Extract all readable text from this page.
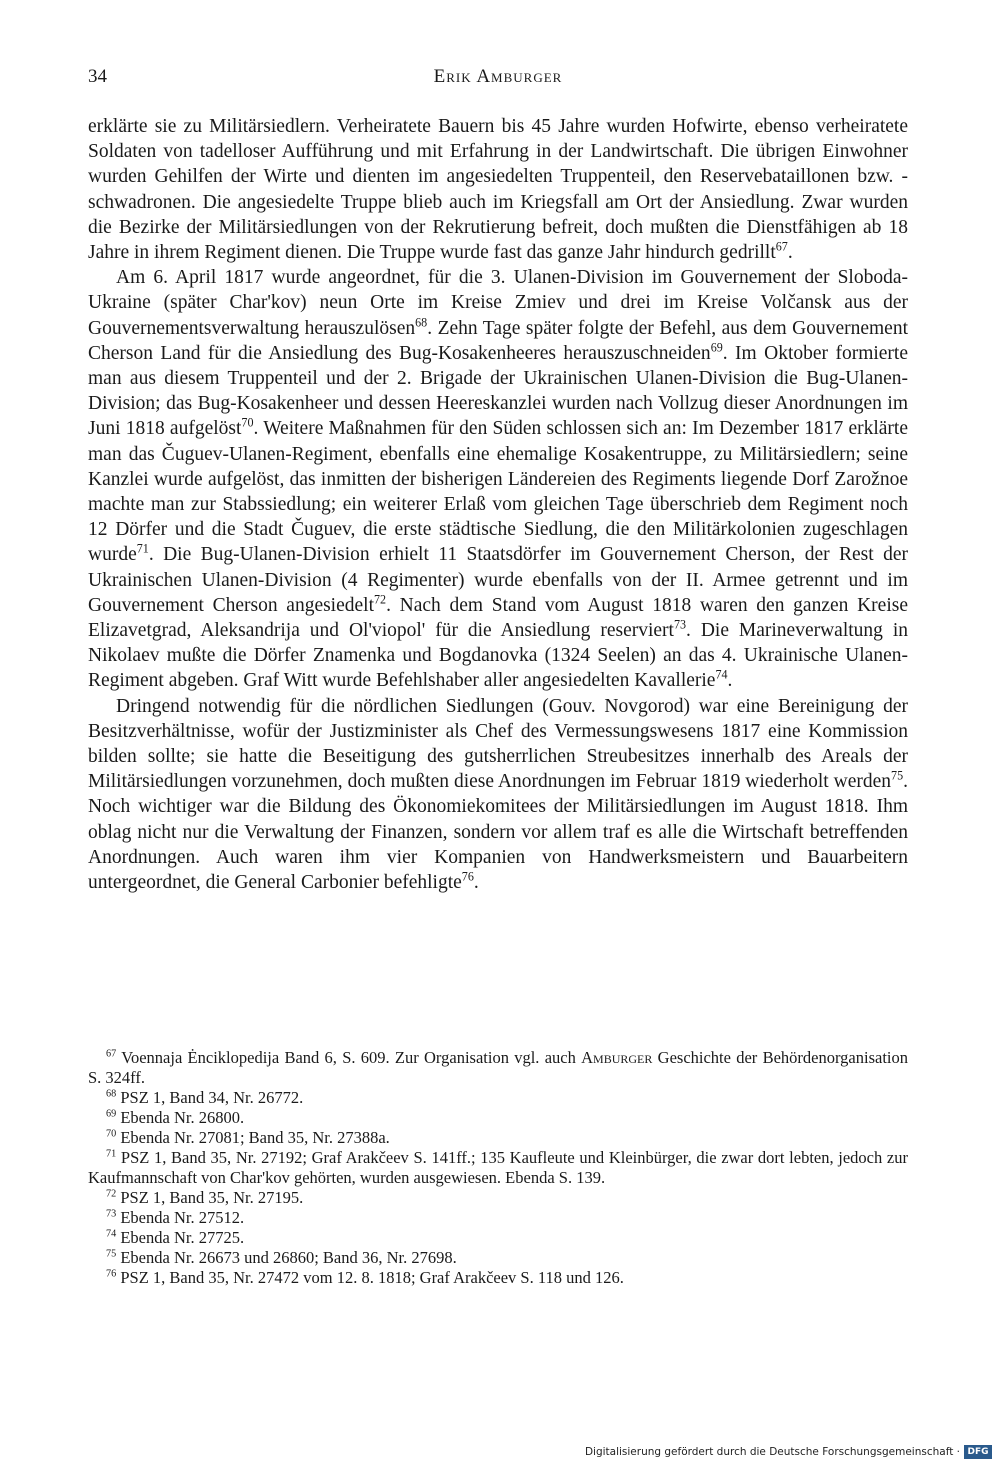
34	Erik Amburger

erklärte sie zu Militärsiedlern. Verheiratete Bauern bis 45 Jahre wurden Hofwirte, ebenso verheiratete Soldaten von tadelloser Aufführung und mit Erfahrung in der Landwirtschaft. Die übrigen Einwohner wurden Gehilfen der Wirte und dienten im angesiedelten Truppenteil, den Reservebataillonen bzw. -schwadronen. Die angesiedelte Truppe blieb auch im Kriegsfall am Ort der Ansiedlung. Zwar wurden die Bezirke der Militärsiedlungen von der Rekrutierung befreit, doch mußten die Dienstfähigen ab 18 Jahre in ihrem Regiment dienen. Die Truppe wurde fast das ganze Jahr hindurch gedrillt$^{67}$.

Am 6. April 1817 wurde angeordnet, für die 3. Ulanen-Division im Gouvernement der Sloboda-Ukraine (später Char'kov) neun Orte im Kreise Zmiev und drei im Kreise Volčansk aus der Gouvernementsverwaltung herauszulösen$^{68}$. Zehn Tage später folgte der Befehl, aus dem Gouvernement Cherson Land für die Ansiedlung des Bug-Kosakenheeres herauszuschneiden$^{69}$. Im Oktober formierte man aus diesem Truppenteil und der 2. Brigade der Ukrainischen Ulanen-Division die Bug-Ulanen-Division; das Bug-Kosakenheer und dessen Heereskanzlei wurden nach Vollzug dieser Anordnungen im Juni 1818 aufgelöst$^{70}$. Weitere Maßnahmen für den Süden schlossen sich an: Im Dezember 1817 erklärte man das Čuguev-Ulanen-Regiment, ebenfalls eine ehemalige Kosakentruppe, zu Militärsiedlern; seine Kanzlei wurde aufgelöst, das inmitten der bisherigen Ländereien des Regiments liegende Dorf Zarožnoe machte man zur Stabssiedlung; ein weiterer Erlaß vom gleichen Tage überschrieb dem Regiment noch 12 Dörfer und die Stadt Čuguev, die erste städtische Siedlung, die den Militärkolonien zugeschlagen wurde$^{71}$. Die Bug-Ulanen-Division erhielt 11 Staatsdörfer im Gouvernement Cherson, der Rest der Ukrainischen Ulanen-Division (4 Regimenter) wurde ebenfalls von der II. Armee getrennt und im Gouvernement Cherson angesiedelt$^{72}$. Nach dem Stand vom August 1818 waren den ganzen Kreise Elizavetgrad, Aleksandrija und Ol'viopol' für die Ansiedlung reserviert$^{73}$. Die Marineverwaltung in Nikolaev mußte die Dörfer Znamenka und Bogdanovka (1324 Seelen) an das 4. Ukrainische Ulanen-Regiment abgeben. Graf Witt wurde Befehlshaber aller angesiedelten Kavallerie$^{74}$.

Dringend notwendig für die nördlichen Siedlungen (Gouv. Novgorod) war eine Bereinigung der Besitzverhältnisse, wofür der Justizminister als Chef des Vermessungswesens 1817 eine Kommission bilden sollte; sie hatte die Beseitigung des gutsherrlichen Streubesitzes innerhalb des Areals der Militärsiedlungen vorzunehmen, doch mußten diese Anordnungen im Februar 1819 wiederholt werden$^{75}$. Noch wichtiger war die Bildung des Ökonomiekomitees der Militärsiedlungen im August 1818. Ihm oblag nicht nur die Verwaltung der Finanzen, sondern vor allem traf es alle die Wirtschaft betreffenden Anordnungen. Auch waren ihm vier Kompanien von Handwerksmeistern und Bauarbeitern untergeordnet, die General Carbonier befehligte$^{76}$.

$^{67}$ Voennaja Ėnciklopedija Band 6, S. 609. Zur Organisation vgl. auch Amburger Geschichte der Behördenorganisation S. 324ff.

$^{68}$ PSZ 1, Band 34, Nr. 26772.

$^{69}$ Ebenda Nr. 26800.

$^{70}$ Ebenda Nr. 27081; Band 35, Nr. 27388a.

$^{71}$ PSZ 1, Band 35, Nr. 27192; Graf Arakčeev S. 141ff.; 135 Kaufleute und Kleinbürger, die zwar dort lebten, jedoch zur Kaufmannschaft von Char'kov gehörten, wurden ausgewiesen. Ebenda S. 139.

$^{72}$ PSZ 1, Band 35, Nr. 27195.

$^{73}$ Ebenda Nr. 27512.

$^{74}$ Ebenda Nr. 27725.

$^{75}$ Ebenda Nr. 26673 und 26860; Band 36, Nr. 27698.

$^{76}$ PSZ 1, Band 35, Nr. 27472 vom 12. 8. 1818; Graf Arakčeev S. 118 und 126.

Digitalisierung gefördert durch die Deutsche Forschungsgemeinschaft · DFG
